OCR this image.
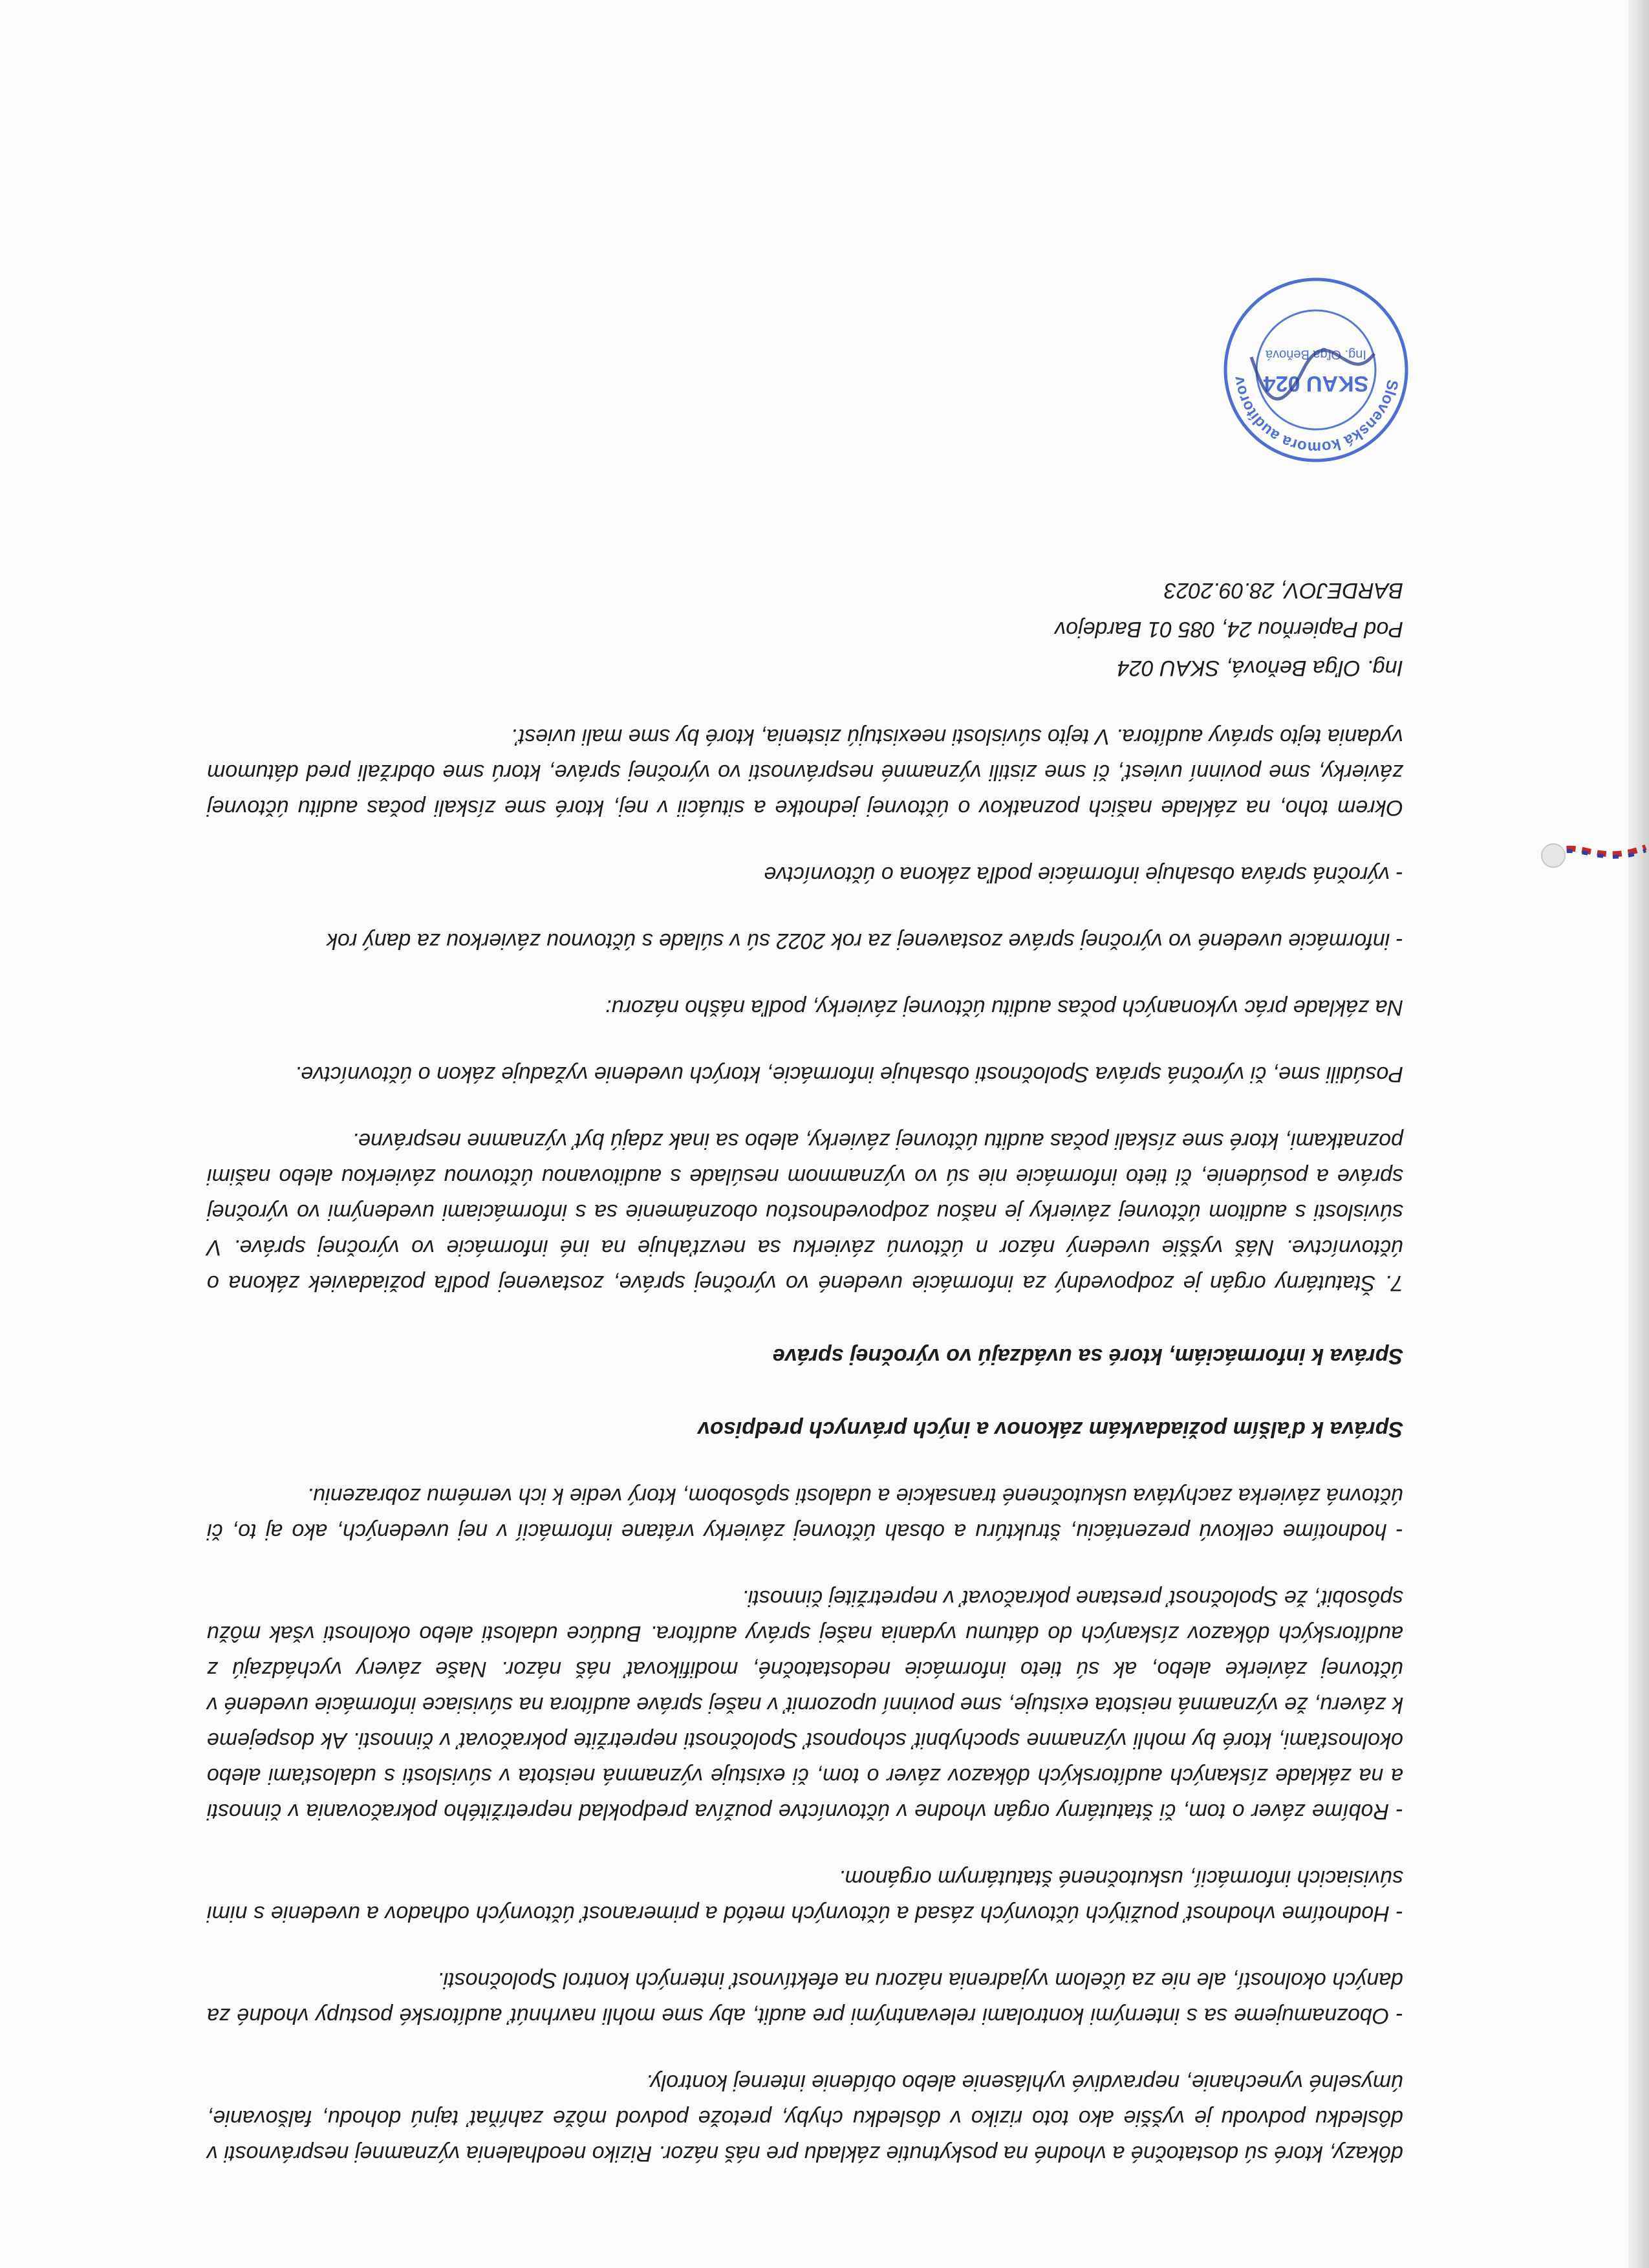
dôkazy, ktoré sú dostatočné a vhodné na poskytnutie základu pre náš názor. Riziko neodhalenia významnej nesprávnosti v dôsledku podvodu je vyššie ako toto riziko v dôsledku chyby, pretože podvod môže zahŕňať tajnú dohodu, falšovanie, úmyselné vynechanie, nepravdivé vyhlásenie alebo obídenie internej kontroly.

- Oboznamujeme sa s internými kontrolami relevantnými pre audit, aby sme mohli navrhnúť audítorské postupy vhodné za daných okolností, ale nie za účelom vyjadrenia názoru na efektívnosť interných kontrol Spoločnosti.

- Hodnotíme vhodnosť použitých účtovných zásad a účtovných metód a primeranosť účtovných odhadov a uvedenie s nimi súvisiacich informácií, uskutočnené štatutárnym orgánom.

- Robíme záver o tom, či štatutárny orgán vhodne v účtovníctve používa predpoklad nepretržitého pokračovania v činnosti a na základe získaných audítorských dôkazov záver o tom, či existuje významná neistota v súvislosti s udalosťami alebo okolnosťami, ktoré by mohli významne spochybniť schopnosť Spoločnosti nepretržite pokračovať v činnosti. Ak dospejeme k záveru, že významná neistota existuje, sme povinní upozorniť v našej správe audítora na súvisiace informácie uvedené v účtovnej závierke alebo, ak sú tieto informácie nedostatočné, modifikovať náš názor. Naše závery vychádzajú z audítorských dôkazov získaných do dátumu vydania našej správy audítora. Budúce udalosti alebo okolnosti však môžu spôsobiť, že Spoločnosť prestane pokračovať v nepretržitej činnosti.

- hodnotíme celkovú prezentáciu, štruktúru a obsah účtovnej závierky vrátane informácií v nej uvedených, ako aj to, či účtovná závierka zachytáva uskutočnené transakcie a udalosti spôsobom, ktorý vedie k ich vernému zobrazeniu.

Správa k ďalším požiadavkám zákonov a iných právnych predpisov

Správa k informáciám, ktoré sa uvádzajú vo výročnej správe

7. Štatutárny orgán je zodpovedný za informácie uvedené vo výročnej správe, zostavenej podľa požiadaviek zákona o účtovníctve. Náš vyššie uvedený názor n účtovnú závierku sa nevzťahuje na iné informácie vo výročnej správe. V súvislosti s auditom účtovnej závierky je našou zodpovednosťou oboznámenie sa s informáciami uvedenými vo výročnej správe a posúdenie, či tieto informácie nie sú vo významnom nesúlade s auditovanou účtovnou závierkou alebo našimi poznatkami, ktoré sme získali počas auditu účtovnej závierky, alebo sa inak zdajú byť významne nesprávne.

Posúdili sme, či výročná správa Spoločnosti obsahuje informácie, ktorých uvedenie vyžaduje zákon o účtovníctve.

Na základe prác vykonaných počas auditu účtovnej závierky, podľa nášho názoru:

- informácie uvedené vo výročnej správe zostavenej za rok 2022 sú v súlade s účtovnou závierkou za daný rok

- výročná správa obsahuje informácie podľa zákona o účtovníctve

Okrem toho, na základe našich poznatkov o účtovnej jednotke a situácii v nej, ktoré sme získali počas auditu účtovnej závierky, sme povinní uviesť, či sme zistili významné nesprávnosti vo výročnej správe, ktorú sme obdržali pred dátumom vydania tejto správy audítora. V tejto súvislosti neexistujú zistenia, ktoré by sme mali uviesť.

Ing. Oľga Beňová, SKAU 024

Pod Papierňou 24, 085 01 Bardejov

BARDEJOV, 28.09.2023

Slovenská komora audítorov SKAU 024
Ing. Oľga Beňová
